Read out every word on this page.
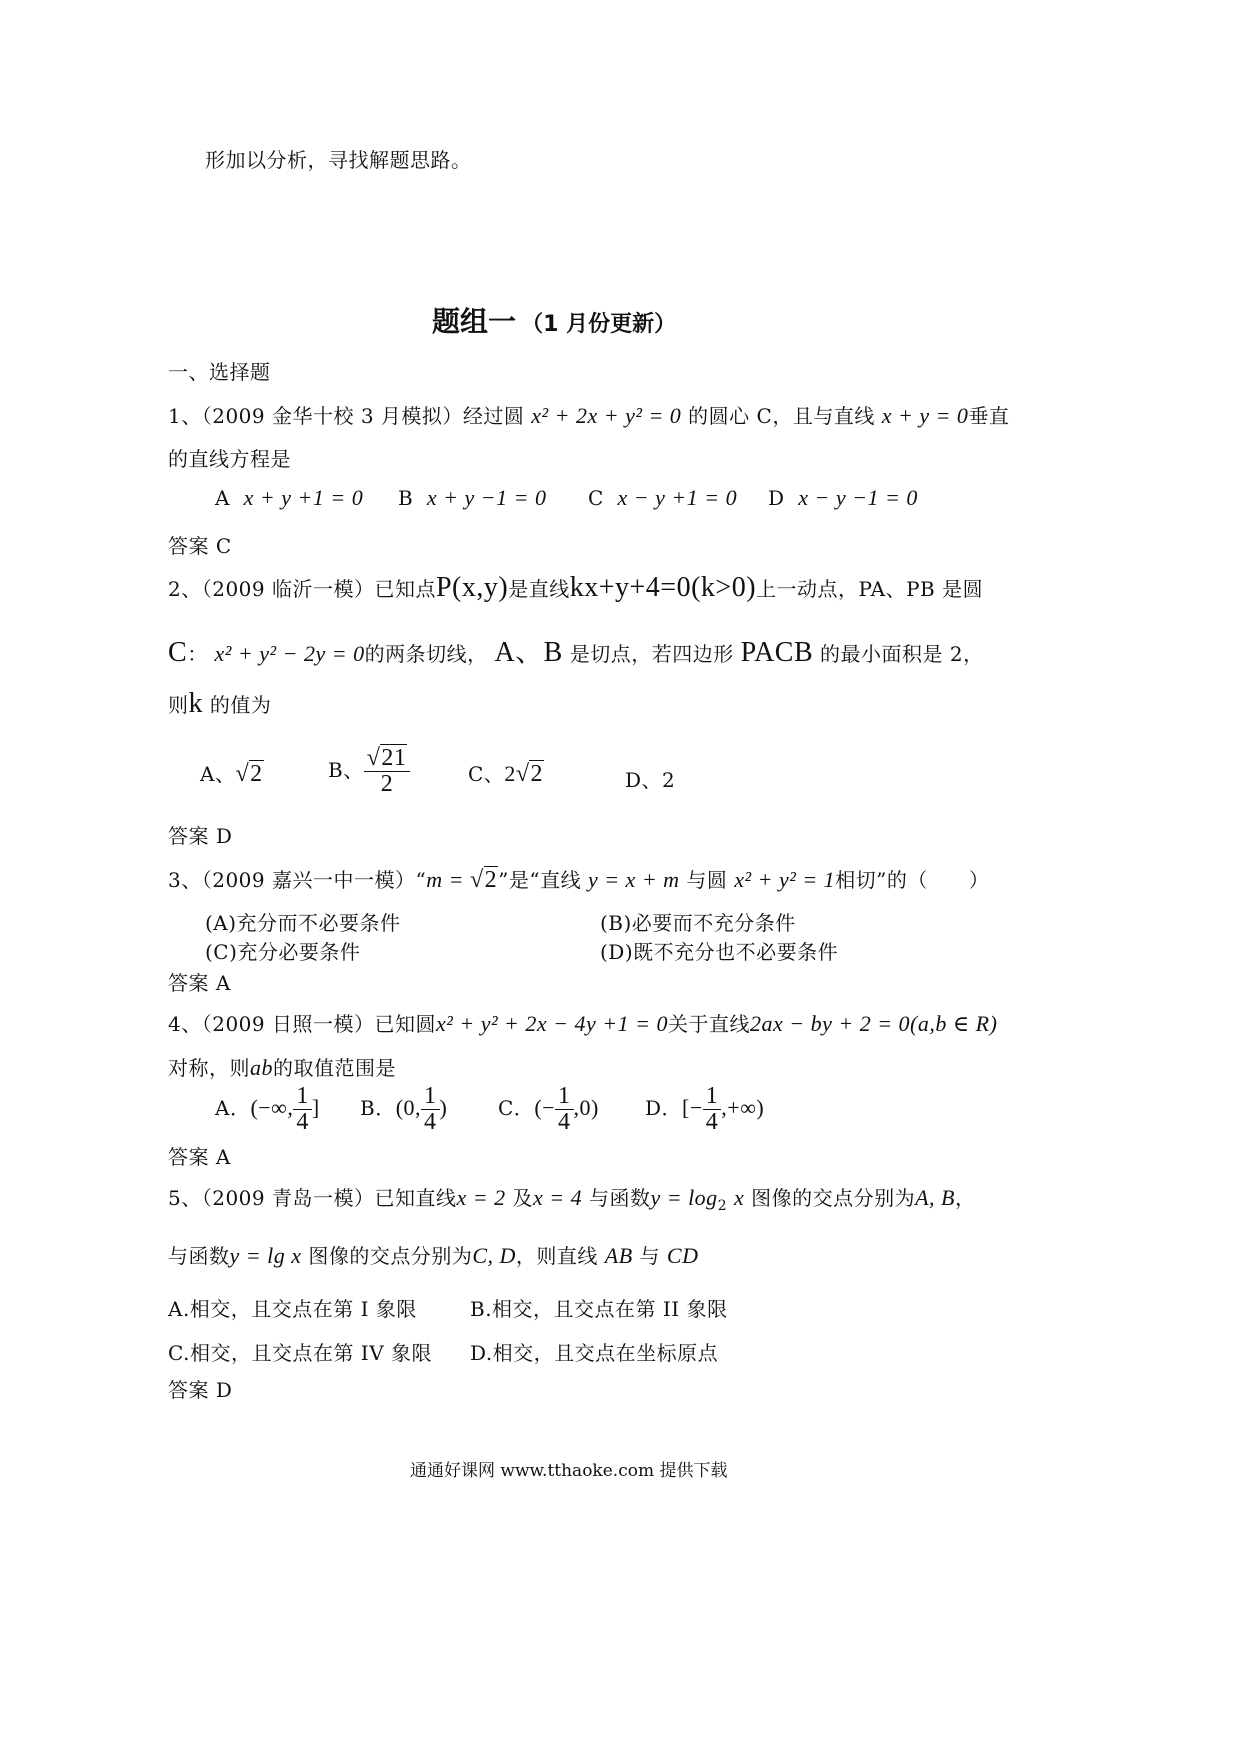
形加以分析，寻找解题思路。
题组一 （1 月份更新）
一、选择题
1、（2009 金华十校 3 月模拟）经过圆 x² + 2x + y² = 0 的圆心 C，且与直线 x + y = 0垂直
的直线方程是
A x + y +1 = 0 B x + y −1 = 0 C x − y +1 = 0 D x − y −1 = 0
答案 C
2、（2009 临沂一模）已知点P(x,y)是直线kx+y+4=0(k>0)上一动点，PA、PB 是圆
C： x² + y² − 2y = 0的两条切线， A、B 是切点，若四边形 PACB 的最小面积是 2，
则k 的值为
A、√2	B、 $\frac{√21}{2}$	C、2√2	D、2
答案 D
3、（2009 嘉兴一中一模）“m = √2”是“直线 y = x + m 与圆 x² + y² = 1相切”的（　　）
(A)充分而不必要条件	(B)必要而不充分条件
(C)充分必要条件	(D)既不充分也不必要条件
答案 A
4、（2009 日照一模）已知圆x² + y² + 2x − 4y +1 = 0关于直线2ax − by + 2 = 0(a,b ∈ R)
对称，则ab的取值范围是
A．(−∞, $\frac{1}{4}$ ] B．(0, $\frac{1}{4}$ )	C．(− $\frac{1}{4} ,0$) D．[− $\frac{1}{4}$ ,+∞)
答案 A
5、（2009 青岛一模）已知直线x = 2 及x = 4 与函数$y = \log_2 x$ 图像的交点分别为A, B，
与函数y = lg x 图像的交点分别为C, D，则直线 AB 与 CD
A.相交，且交点在第 I 象限	B.相交，且交点在第 II 象限
C.相交，且交点在第 IV 象限 D.相交，且交点在坐标原点
答案 D
通通好课网 www.tthaoke.com 提供下载
